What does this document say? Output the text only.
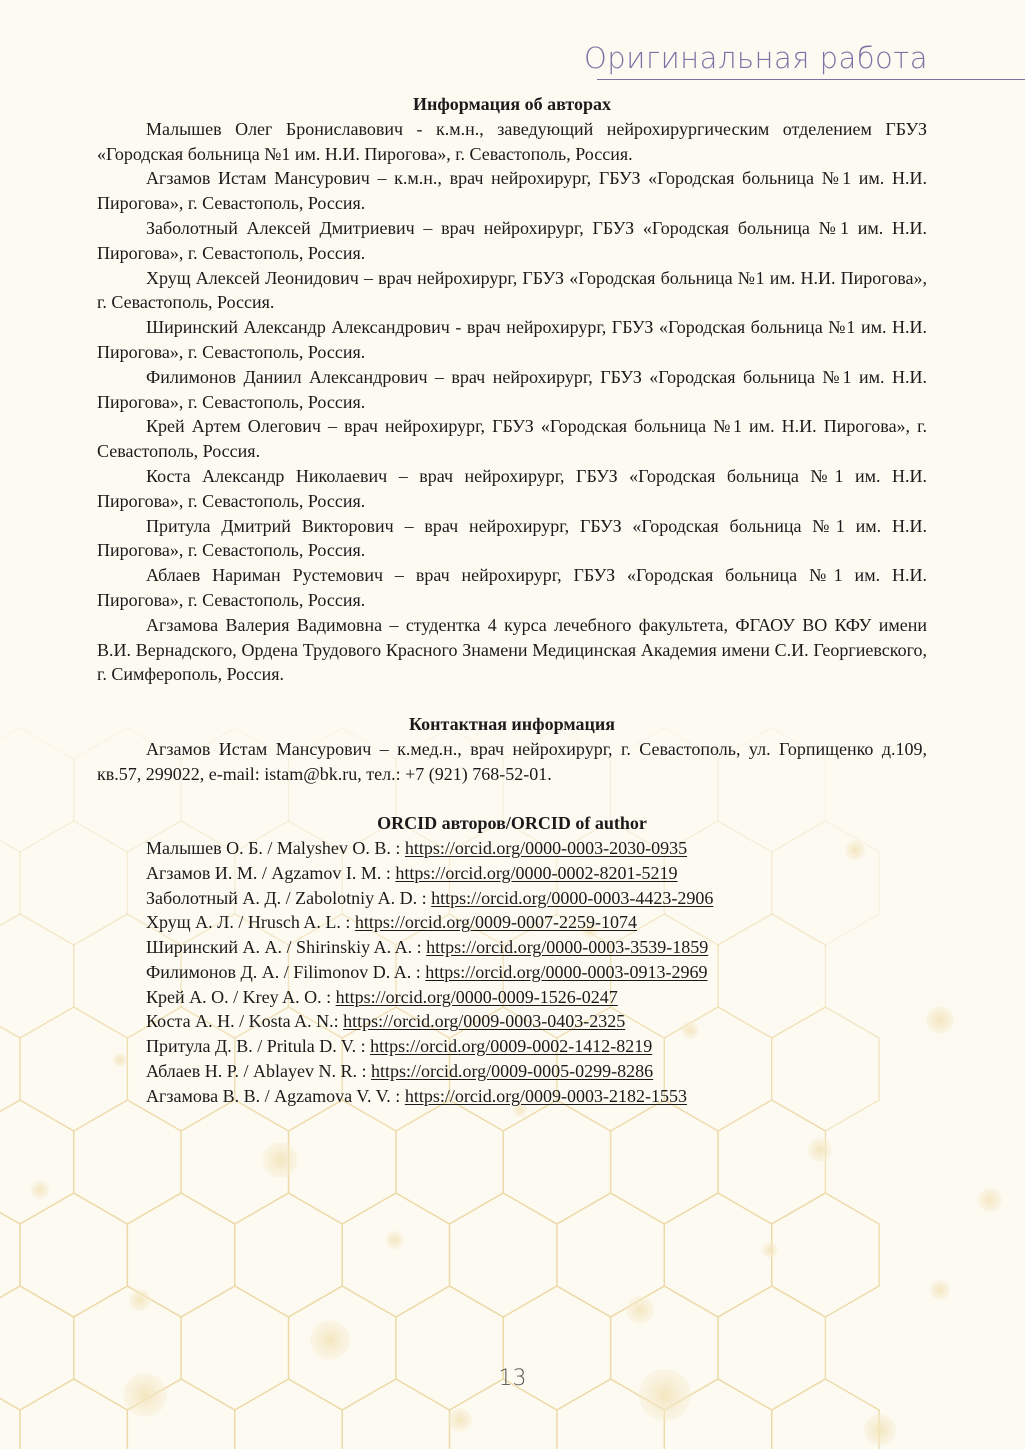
Оригинальная работа

Информация об авторах

Малышев Олег Брониславович - к.м.н., заведующий нейрохирургическим отделением ГБУЗ «Городская больница №1 им. Н.И. Пирогова», г. Севастополь, Россия.

Агзамов Истам Мансурович – к.м.н., врач нейрохирург, ГБУЗ «Городская больница №1 им. Н.И. Пирогова», г. Севастополь, Россия.

Заболотный Алексей Дмитриевич – врач нейрохирург, ГБУЗ «Городская больница №1 им. Н.И. Пирогова», г. Севастополь, Россия.

Хрущ Алексей Леонидович – врач нейрохирург, ГБУЗ «Городская больница №1 им. Н.И. Пирогова», г. Севастополь, Россия.

Ширинский Александр Александрович - врач нейрохирург, ГБУЗ «Городская больница №1 им. Н.И. Пирогова», г. Севастополь, Россия.

Филимонов Даниил Александрович – врач нейрохирург, ГБУЗ «Городская больница №1 им. Н.И. Пирогова», г. Севастополь, Россия.

Крей Артем Олегович – врач нейрохирург, ГБУЗ «Городская больница №1 им. Н.И. Пирогова», г. Севастополь, Россия.

Коста Александр Николаевич – врач нейрохирург, ГБУЗ «Городская больница №1 им. Н.И. Пирогова», г. Севастополь, Россия.

Притула Дмитрий Викторович – врач нейрохирург, ГБУЗ «Городская больница №1 им. Н.И. Пирогова», г. Севастополь, Россия.

Аблаев Нариман Рустемович – врач нейрохирург, ГБУЗ «Городская больница №1 им. Н.И. Пирогова», г. Севастополь, Россия.

Агзамова Валерия Вадимовна – студентка 4 курса лечебного факультета, ФГАОУ ВО КФУ имени В.И. Вернадского, Ордена Трудового Красного Знамени Медицинская Академия имени С.И. Георгиевского, г. Симферополь, Россия.

Контактная информация

Агзамов Истам Мансурович – к.мед.н., врач нейрохирург, г. Севастополь, ул. Горпищенко д.109, кв.57, 299022, e-mail: istam@bk.ru, тел.: +7 (921) 768-52-01.

ORCID авторов/ORCID of author

Малышев О. Б. / Malyshev O. B. : https://orcid.org/0000-0003-2030-0935

Агзамов И. М. / Agzamov I. M. : https://orcid.org/0000-0002-8201-5219

Заболотный А. Д. / Zabolotniy A. D. : https://orcid.org/0000-0003-4423-2906

Хрущ А. Л. / Hrusch A. L. : https://orcid.org/0009-0007-2259-1074

Ширинский А. А. / Shirinskiy A. A. : https://orcid.org/0000-0003-3539-1859

Филимонов Д. А. / Filimonov D. A. : https://orcid.org/0000-0003-0913-2969

Крей А. О. / Krey A. O. : https://orcid.org/0000-0009-1526-0247

Коста А. Н. / Kosta A. N.: https://orcid.org/0009-0003-0403-2325

Притула Д. В. / Pritula D. V. : https://orcid.org/0009-0002-1412-8219

Аблаев Н. Р. / Ablayev N. R. : https://orcid.org/0009-0005-0299-8286

Агзамова В. В. / Agzamova V. V. : https://orcid.org/0009-0003-2182-1553

13
